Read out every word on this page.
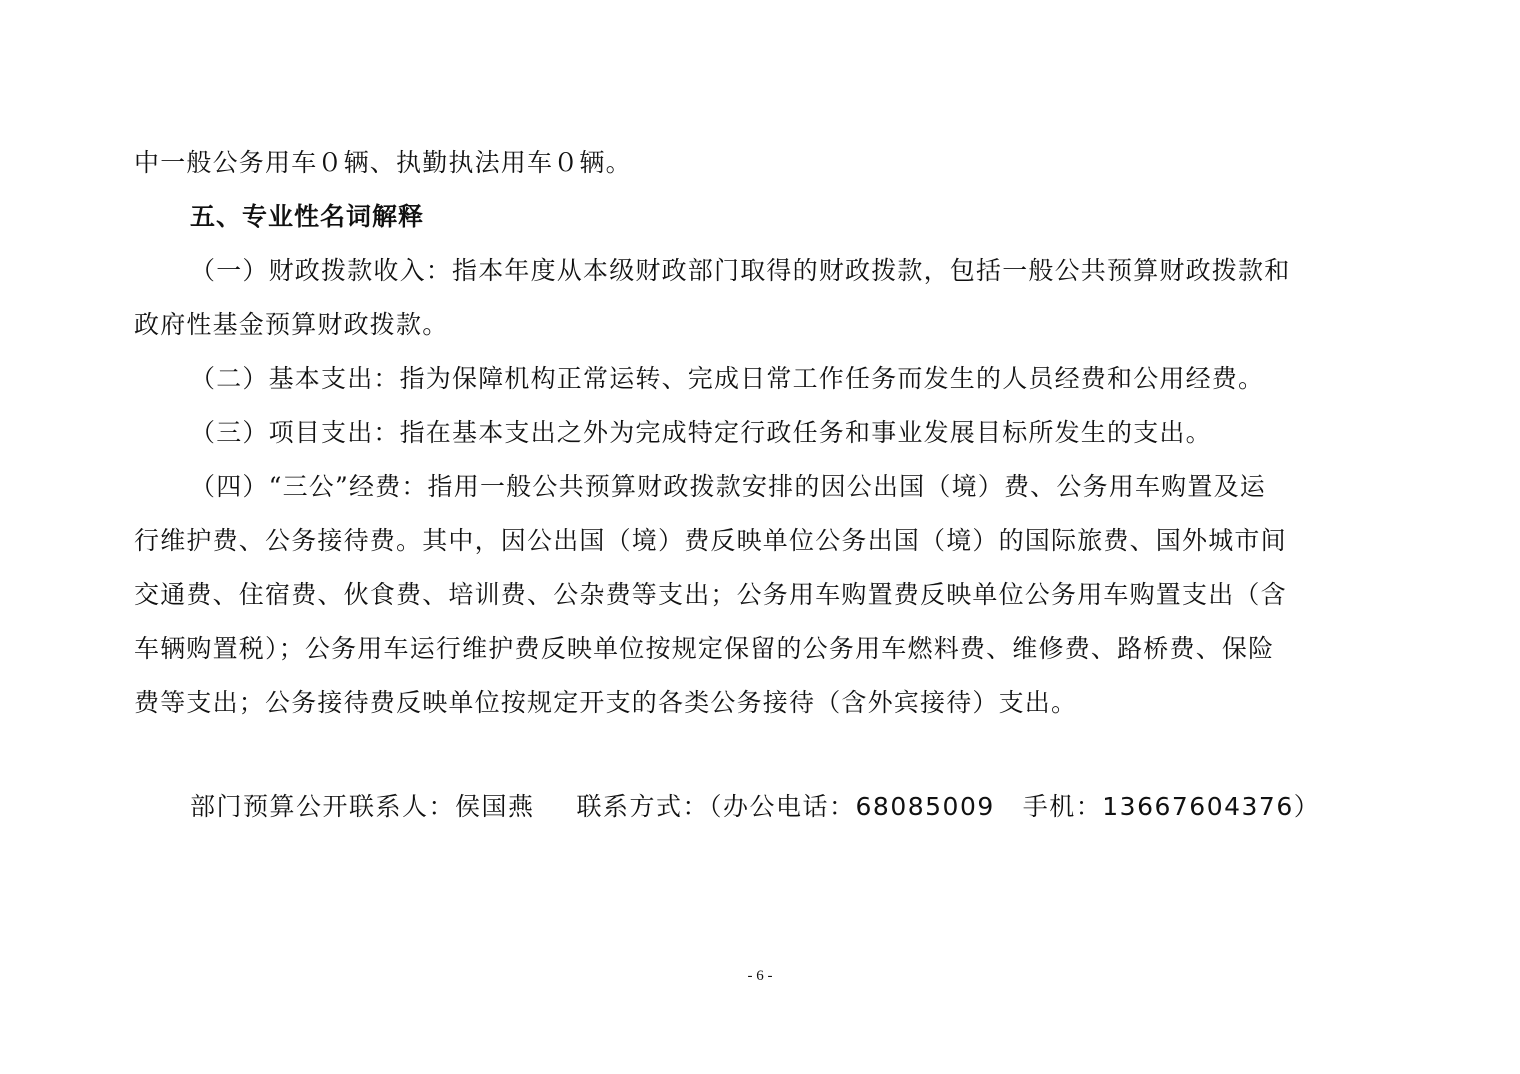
中一般公务用车０辆、执勤执法用车０辆。
五、专业性名词解释
（一）财政拨款收入：指本年度从本级财政部门取得的财政拨款，包括一般公共预算财政拨款和
政府性基金预算财政拨款。
（二）基本支出：指为保障机构正常运转、完成日常工作任务而发生的人员经费和公用经费。
（三）项目支出：指在基本支出之外为完成特定行政任务和事业发展目标所发生的支出。
（四）“三公”经费：指用一般公共预算财政拨款安排的因公出国（境）费、公务用车购置及运
行维护费、公务接待费。其中，因公出国（境）费反映单位公务出国（境）的国际旅费、国外城市间
交通费、住宿费、伙食费、培训费、公杂费等支出；公务用车购置费反映单位公务用车购置支出（含
车辆购置税）；公务用车运行维护费反映单位按规定保留的公务用车燃料费、维修费、路桥费、保险
费等支出；公务接待费反映单位按规定开支的各类公务接待（含外宾接待）支出。
部门预算公开联系人：侯国燕 联系方式：（办公电话：68085009 手机：13667604376）
- 6 -
